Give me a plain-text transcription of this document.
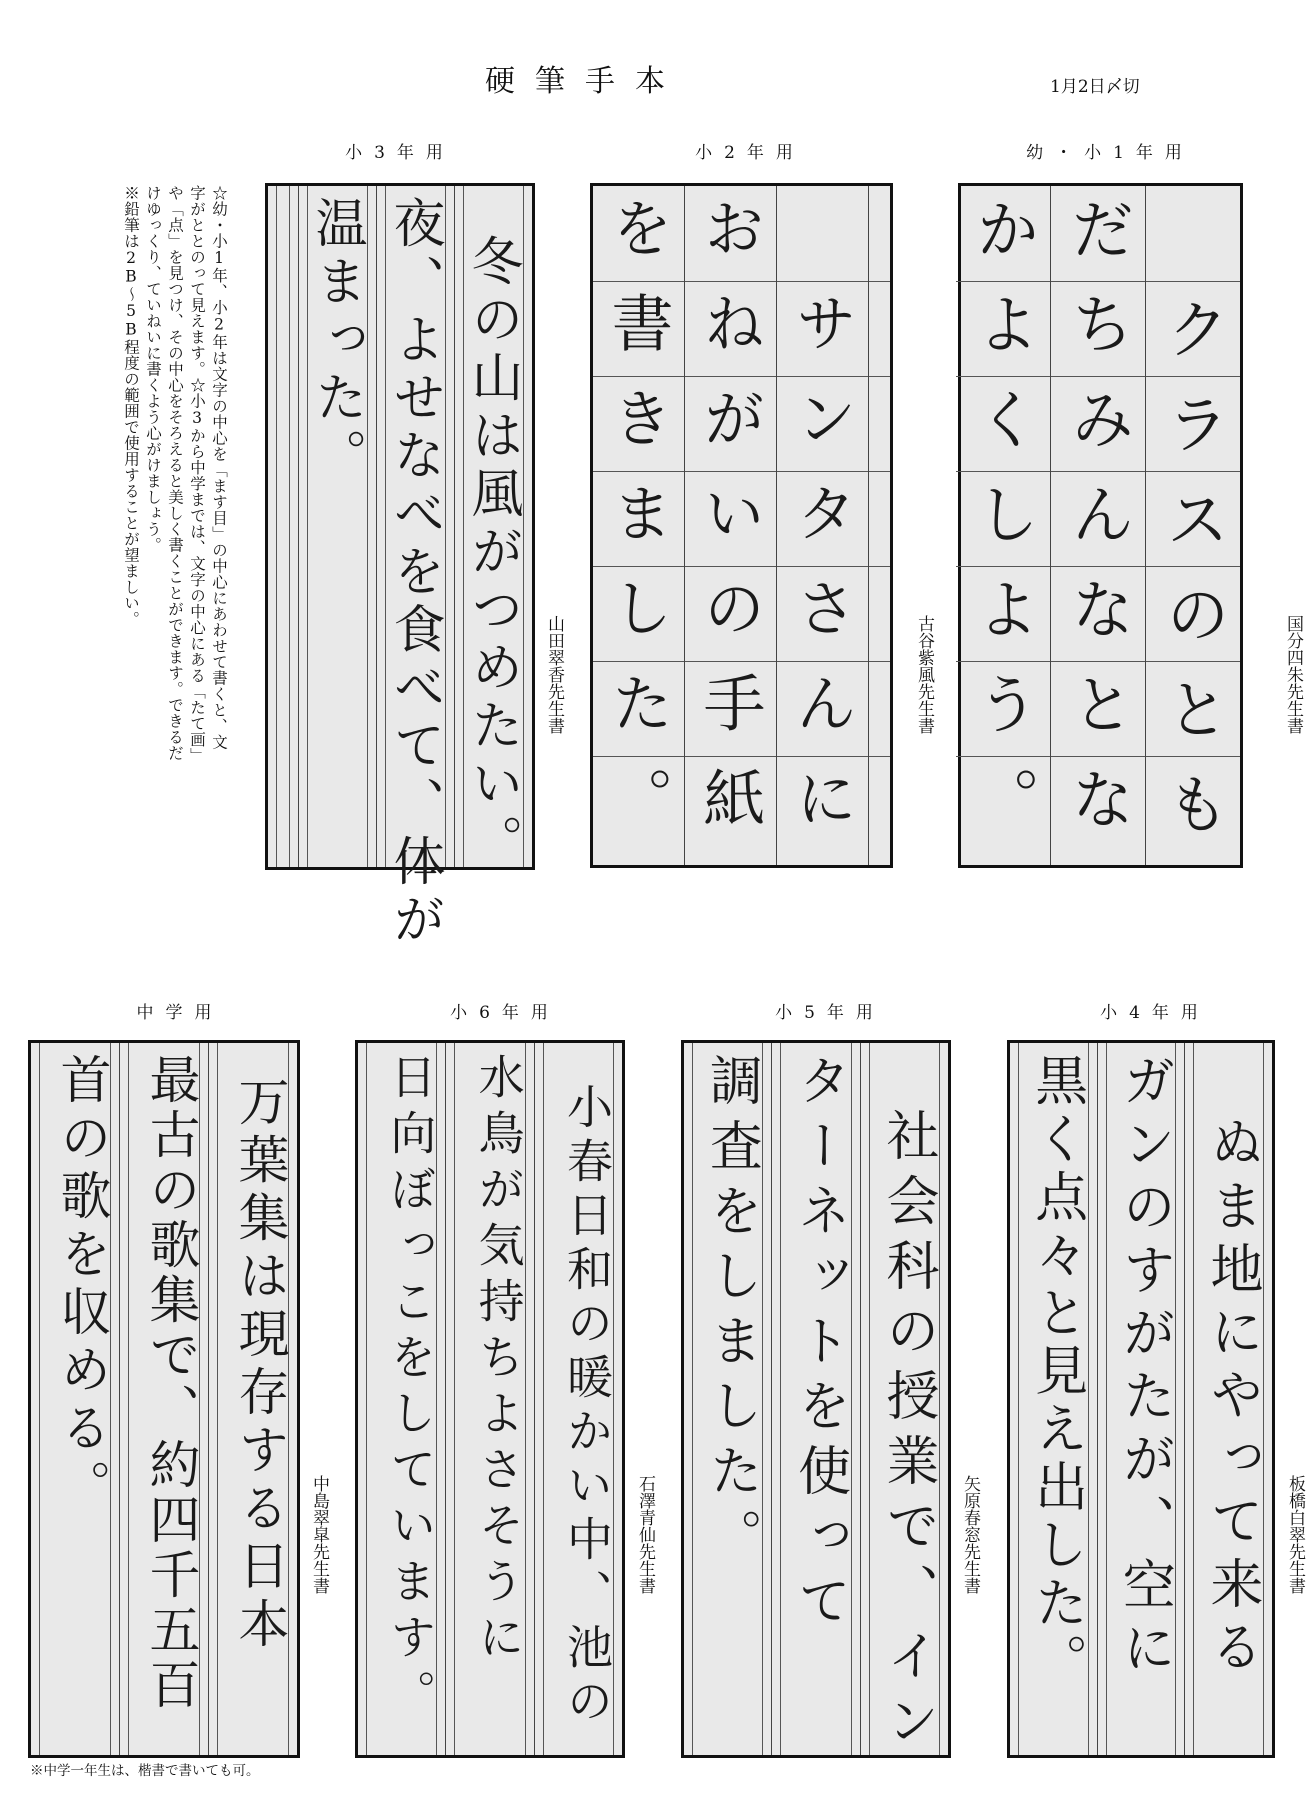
硬筆手本	1月2日〆切

☆幼・小1年、小2年は文字の中心を「ます目」の中心にあわせて書くと、文字がととのって見えます。☆小3から中学までは、文字の中心にある「たて画」や「点」を見つけ、その中心をそろえると美しく書くことができます。できるだけゆっくり、ていねいに書くよう心がけましょう。

※鉛筆は2B〜5B程度の範囲で使用することが望ましい。

幼・小1年用
クラスのとも
だちみんなとな
かよくしよう。	国分四朱先生書
小2年用
サンタさんに
おねがいの手紙
を書きました。	古谷紫風先生書
小3年用
冬の山は風がつめたい。
夜、よせなべを食べて、体が
温まった。
山田翠香先生書
小4年用
ぬま地にやって来る
ガンのすがたが、空に
黒く点々と見え出した。	板橋白翠先生書
小5年用
社会科の授業で、イン
ターネットを使って
調査をしました。	矢原春窓先生書
小6年用
小春日和の暖かい中、池の
水鳥が気持ちよさそうに
日向ぼっこをしています。	石澤青仙先生書
中学用
万葉集は現存する日本
最古の歌集で、約四千五百
首の歌を収める。
中島翠皐先生書
※中学一年生は、楷書で書いても可。
